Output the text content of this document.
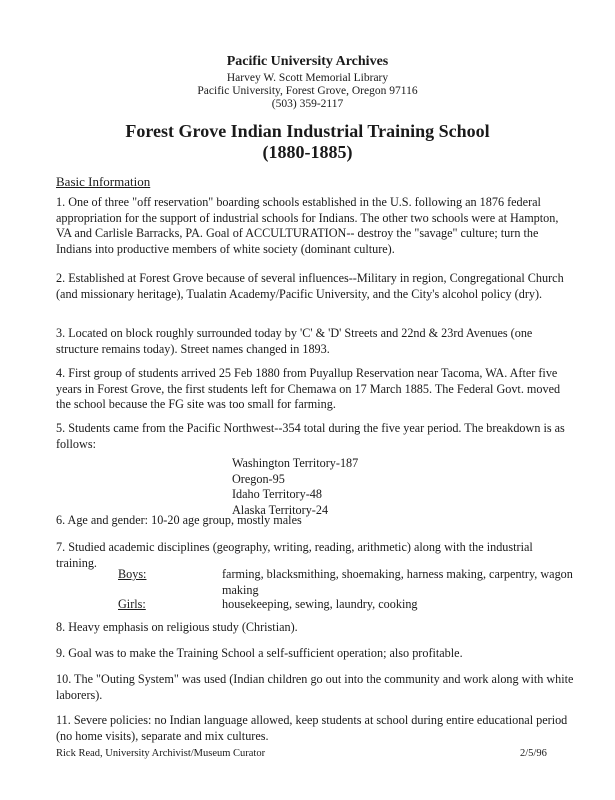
Pacific University Archives
Harvey W. Scott Memorial Library
Pacific University, Forest Grove, Oregon 97116
(503) 359-2117
Forest Grove Indian Industrial Training School
(1880-1885)
Basic Information

1. One of three "off reservation" boarding schools established in the U.S. following an 1876 federal appropriation for the support of industrial schools for Indians. The other two schools were at Hampton, VA and Carlisle Barracks, PA. Goal of ACCULTURATION-- destroy the "savage" culture; turn the Indians into productive members of white society (dominant culture).

2. Established at Forest Grove because of several influences--Military in region, Congregational Church (and missionary heritage), Tualatin Academy/Pacific University, and the City's alcohol policy (dry).

3. Located on block roughly surrounded today by 'C' & 'D' Streets and 22nd & 23rd Avenues (one structure remains today). Street names changed in 1893.

4. First group of students arrived 25 Feb 1880 from Puyallup Reservation near Tacoma, WA. After five years in Forest Grove, the first students left for Chemawa on 17 March 1885. The Federal Govt. moved the school because the FG site was too small for farming.

5. Students came from the Pacific Northwest--354 total during the five year period. The breakdown is as follows:

Washington Territory-187
Oregon-95
Idaho Territory-48
Alaska Territory-24

6. Age and gender: 10-20 age group, mostly males

7. Studied academic disciplines (geography, writing, reading, arithmetic) along with the industrial training.

Boys:	farming, blacksmithing, shoemaking, harness making, carpentry, wagon making
Girls:	housekeeping, sewing, laundry, cooking

8. Heavy emphasis on religious study (Christian).

9. Goal was to make the Training School a self-sufficient operation; also profitable.

10. The "Outing System" was used (Indian children go out into the community and work along with white laborers).

11. Severe policies: no Indian language allowed, keep students at school during entire educational period (no home visits), separate and mix cultures.

Rick Read, University Archivist/Museum Curator	2/5/96
